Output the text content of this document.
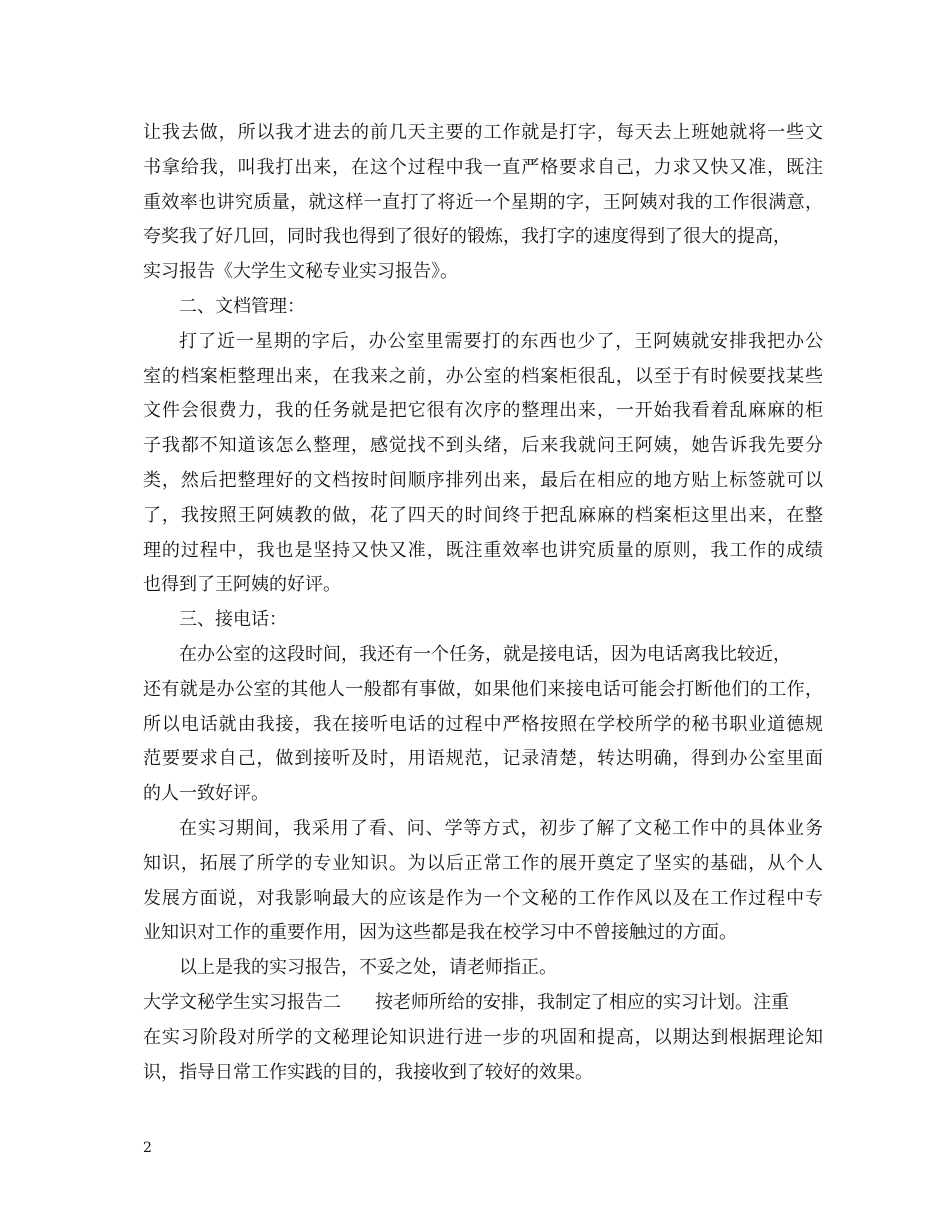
让我去做，所以我才进去的前几天主要的工作就是打字，每天去上班她就将一些文
书拿给我，叫我打出来，在这个过程中我一直严格要求自己，力求又快又准，既注
重效率也讲究质量，就这样一直打了将近一个星期的字，王阿姨对我的工作很满意，
夸奖我了好几回，同时我也得到了很好的锻炼，我打字的速度得到了很大的提高，
实习报告《大学生文秘专业实习报告》。
二、文档管理：
打了近一星期的字后，办公室里需要打的东西也少了，王阿姨就安排我把办公
室的档案柜整理出来，在我来之前，办公室的档案柜很乱，以至于有时候要找某些
文件会很费力，我的任务就是把它很有次序的整理出来，一开始我看着乱麻麻的柜
子我都不知道该怎么整理，感觉找不到头绪，后来我就问王阿姨，她告诉我先要分
类，然后把整理好的文档按时间顺序排列出来，最后在相应的地方贴上标签就可以
了，我按照王阿姨教的做，花了四天的时间终于把乱麻麻的档案柜这里出来，在整
理的过程中，我也是坚持又快又准，既注重效率也讲究质量的原则，我工作的成绩
也得到了王阿姨的好评。
三、接电话：
在办公室的这段时间，我还有一个任务，就是接电话，因为电话离我比较近，
还有就是办公室的其他人一般都有事做，如果他们来接电话可能会打断他们的工作，
所以电话就由我接，我在接听电话的过程中严格按照在学校所学的秘书职业道德规
范要要求自己，做到接听及时，用语规范，记录清楚，转达明确，得到办公室里面
的人一致好评。
在实习期间，我采用了看、问、学等方式，初步了解了文秘工作中的具体业务
知识，拓展了所学的专业知识。为以后正常工作的展开奠定了坚实的基础，从个人
发展方面说，对我影响最大的应该是作为一个文秘的工作作风以及在工作过程中专
业知识对工作的重要作用，因为这些都是我在校学习中不曾接触过的方面。
以上是我的实习报告，不妥之处，请老师指正。
大学文秘学生实习报告二 按老师所给的安排，我制定了相应的实习计划。注重
在实习阶段对所学的文秘理论知识进行进一步的巩固和提高，以期达到根据理论知
识，指导日常工作实践的目的，我接收到了较好的效果。
2
